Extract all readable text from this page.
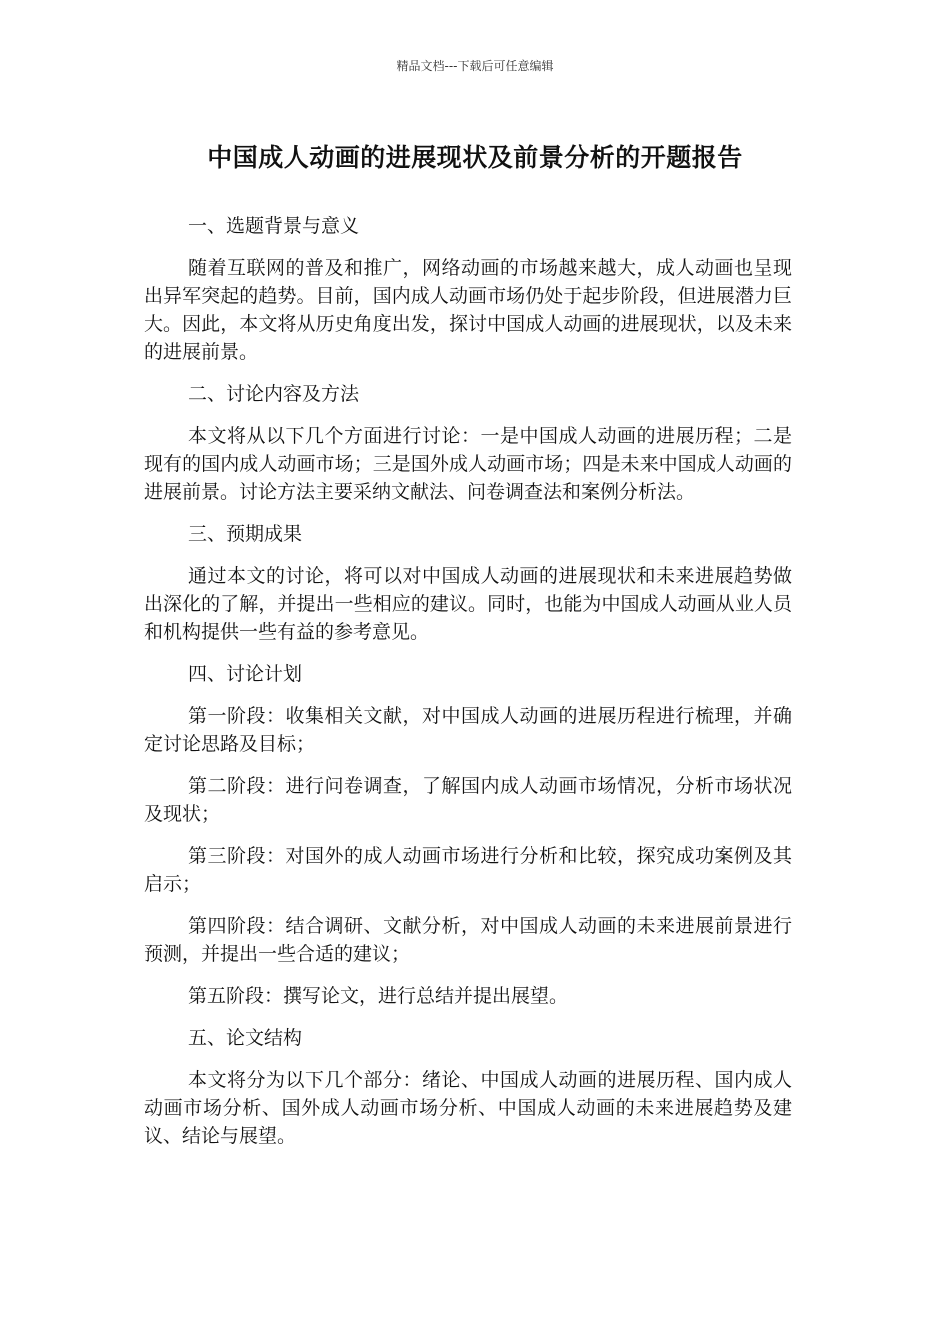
精品文档---下载后可任意编辑
中国成人动画的进展现状及前景分析的开题报告
一、选题背景与意义
随着互联网的普及和推广，网络动画的市场越来越大，成人动画也呈现出异军突起的趋势。目前，国内成人动画市场仍处于起步阶段，但进展潜力巨大。因此，本文将从历史角度出发，探讨中国成人动画的进展现状，以及未来的进展前景。
二、讨论内容及方法
本文将从以下几个方面进行讨论：一是中国成人动画的进展历程；二是现有的国内成人动画市场；三是国外成人动画市场；四是未来中国成人动画的进展前景。讨论方法主要采纳文献法、问卷调查法和案例分析法。
三、预期成果
通过本文的讨论，将可以对中国成人动画的进展现状和未来进展趋势做出深化的了解，并提出一些相应的建议。同时，也能为中国成人动画从业人员和机构提供一些有益的参考意见。
四、讨论计划
第一阶段：收集相关文献，对中国成人动画的进展历程进行梳理，并确定讨论思路及目标；
第二阶段：进行问卷调查，了解国内成人动画市场情况，分析市场状况及现状；
第三阶段：对国外的成人动画市场进行分析和比较，探究成功案例及其启示；
第四阶段：结合调研、文献分析，对中国成人动画的未来进展前景进行预测，并提出一些合适的建议；
第五阶段：撰写论文，进行总结并提出展望。
五、论文结构
本文将分为以下几个部分：绪论、中国成人动画的进展历程、国内成人动画市场分析、国外成人动画市场分析、中国成人动画的未来进展趋势及建议、结论与展望。
